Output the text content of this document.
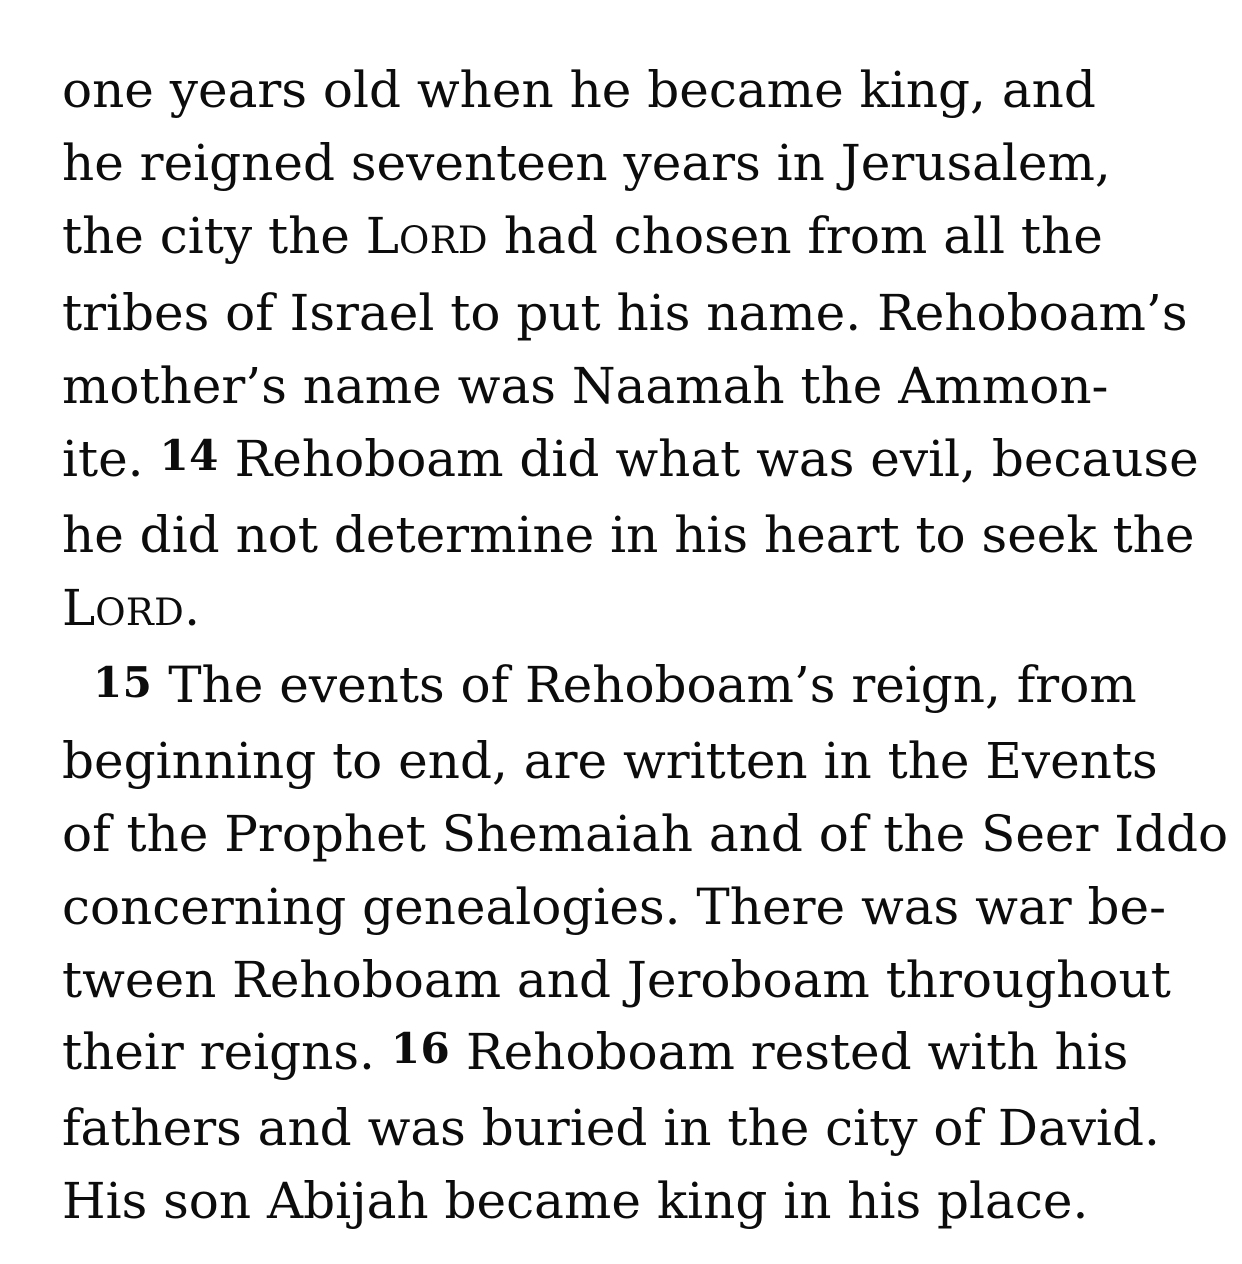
one years old when he became king, and
he reigned seventeen years in Jerusalem,
the city the LORD had chosen from all the
tribes of Israel to put his name. Rehoboam’s
mother’s name was Naamah the Ammon-
ite. 14 Rehoboam did what was evil, because
he did not determine in his heart to seek the
LORD.
15 The events of Rehoboam’s reign, from
beginning to end, are written in the Events
of the Prophet Shemaiah and of the Seer Iddo
concerning genealogies. There was war be-
tween Rehoboam and Jeroboam throughout
their reigns. 16 Rehoboam rested with his
fathers and was buried in the city of David.
His son Abijah became king in his place.
